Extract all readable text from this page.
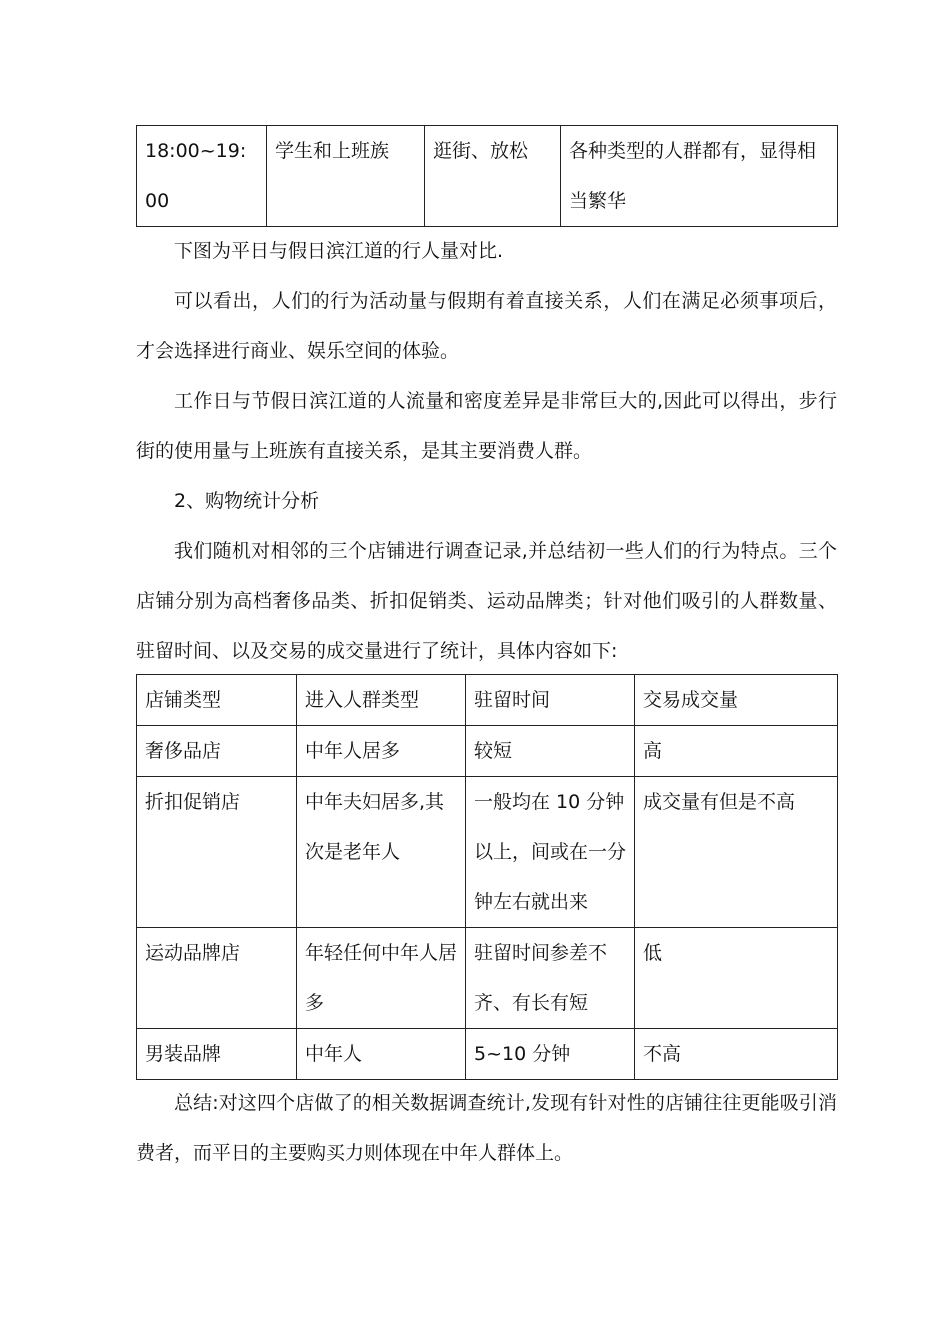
18:00~19:00	学生和上班族	逛街、放松	各种类型的人群都有，显得相当繁华
下图为平日与假日滨江道的行人量对比.
可以看出，人们的行为活动量与假期有着直接关系，人们在满足必须事项后，才会选择进行商业、娱乐空间的体验。
工作日与节假日滨江道的人流量和密度差异是非常巨大的,因此可以得出，步行街的使用量与上班族有直接关系，是其主要消费人群。
2、购物统计分析
我们随机对相邻的三个店铺进行调查记录,并总结初一些人们的行为特点。三个店铺分别为高档奢侈品类、折扣促销类、运动品牌类；针对他们吸引的人群数量、驻留时间、以及交易的成交量进行了统计，具体内容如下:
店铺类型	进入人群类型	驻留时间	交易成交量
奢侈品店	中年人居多	较短	高
折扣促销店	中年夫妇居多,其次是老年人	一般均在 10 分钟以上，间或在一分钟左右就出来	成交量有但是不高
运动品牌店	年轻任何中年人居多	驻留时间参差不齐、有长有短	低
男装品牌	中年人	5~10 分钟	不高
总结:对这四个店做了的相关数据调查统计,发现有针对性的店铺往往更能吸引消费者，而平日的主要购买力则体现在中年人群体上。
